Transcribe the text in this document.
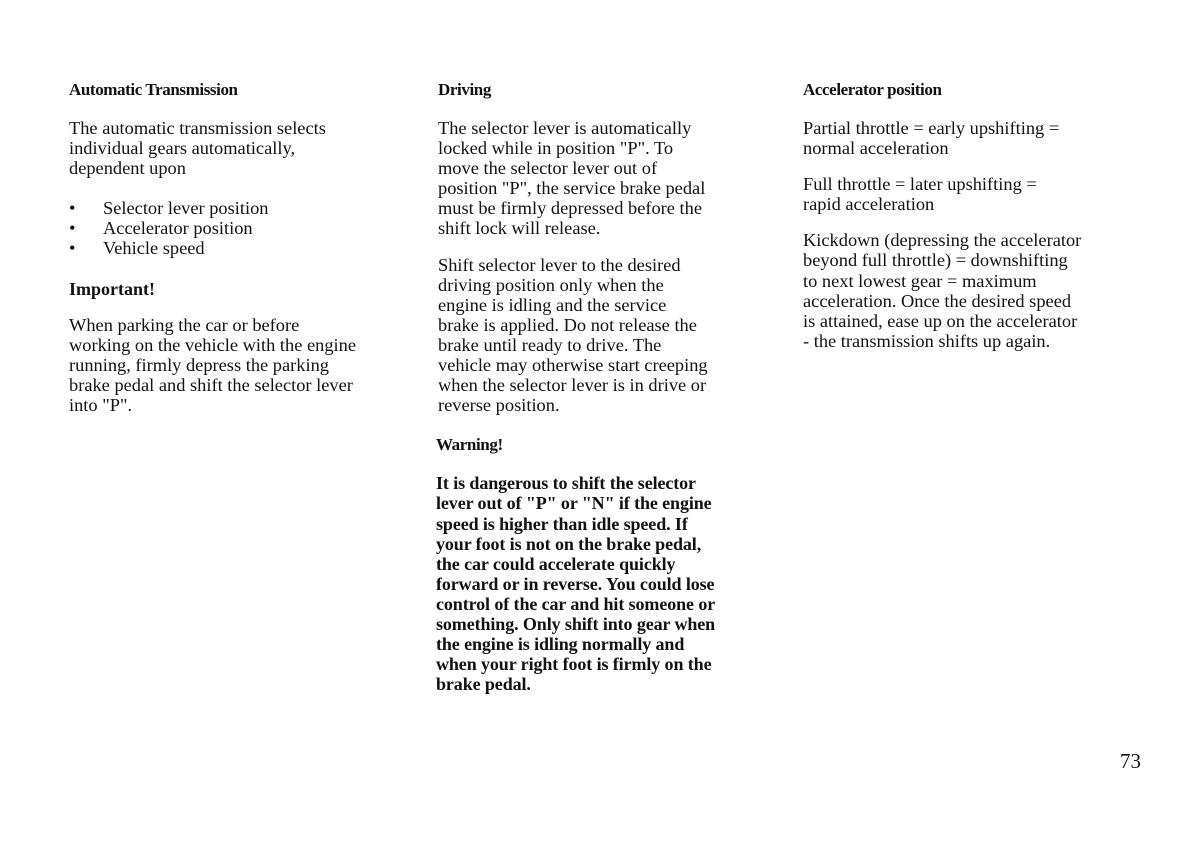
Automatic Transmission

The automatic transmission selects
individual gears automatically,
dependent upon

• Selector lever position
• Accelerator position
• Vehicle speed

Important!

When parking the car or before
working on the vehicle with the engine
running, firmly depress the parking
brake pedal and shift the selector lever
into "P".

Driving

The selector lever is automatically
locked while in position "P". To
move the selector lever out of
position "P", the service brake pedal
must be firmly depressed before the
shift lock will release.

Shift selector lever to the desired
driving position only when the
engine is idling and the service
brake is applied. Do not release the
brake until ready to drive. The
vehicle may otherwise start creeping
when the selector lever is in drive or
reverse position.

Warning!

It is dangerous to shift the selector
lever out of "P" or "N" if the engine
speed is higher than idle speed. If
your foot is not on the brake pedal,
the car could accelerate quickly
forward or in reverse. You could lose
control of the car and hit someone or
something. Only shift into gear when
the engine is idling normally and
when your right foot is firmly on the
brake pedal.

Accelerator position

Partial throttle = early upshifting =
normal acceleration

Full throttle = later upshifting =
rapid acceleration

Kickdown (depressing the accelerator
beyond full throttle) = downshifting
to next lowest gear = maximum
acceleration. Once the desired speed
is attained, ease up on the accelerator
- the transmission shifts up again.

73
